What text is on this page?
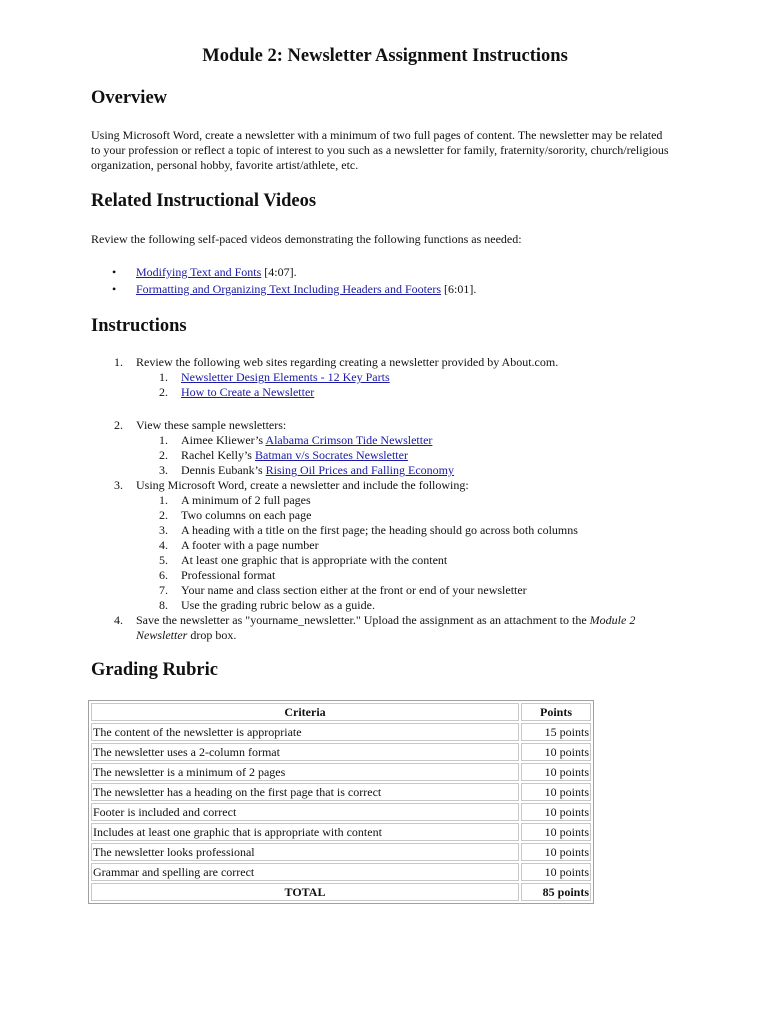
Module 2: Newsletter Assignment Instructions
Overview

Using Microsoft Word, create a newsletter with a minimum of two full pages of content. The newsletter may be related to your profession or reflect a topic of interest to you such as a newsletter for family, fraternity/sorority, church/religious organization, personal hobby, favorite artist/athlete, etc.

Related Instructional Videos

Review the following self-paced videos demonstrating the following functions as needed:

• Modifying Text and Fonts [4:07].
• Formatting and Organizing Text Including Headers and Footers [6:01].
Instructions
1. Review the following web sites regarding creating a newsletter provided by About.com.
1. Newsletter Design Elements - 12 Key Parts
2. How to Create a Newsletter
2. View these sample newsletters:
1. Aimee Kliewer’s Alabama Crimson Tide Newsletter
2. Rachel Kelly’s Batman v/s Socrates Newsletter
3. Dennis Eubank’s Rising Oil Prices and Falling Economy
3. Using Microsoft Word, create a newsletter and include the following:
1. A minimum of 2 full pages
2. Two columns on each page
3. A heading with a title on the first page; the heading should go across both columns
4. A footer with a page number
5. At least one graphic that is appropriate with the content
6. Professional format
7. Your name and class section either at the front or end of your newsletter
8. Use the grading rubric below as a guide.
4. Save the newsletter as "yourname_newsletter." Upload the assignment as an attachment to the Module 2
Newsletter drop box.
Grading Rubric
Criteria	Points
The content of the newsletter is appropriate	15 points
The newsletter uses a 2-column format	10 points
The newsletter is a minimum of 2 pages	10 points
The newsletter has a heading on the first page that is correct	10 points
Footer is included and correct	10 points
Includes at least one graphic that is appropriate with content	10 points
The newsletter looks professional	10 points
Grammar and spelling are correct	10 points
TOTAL	85 points
